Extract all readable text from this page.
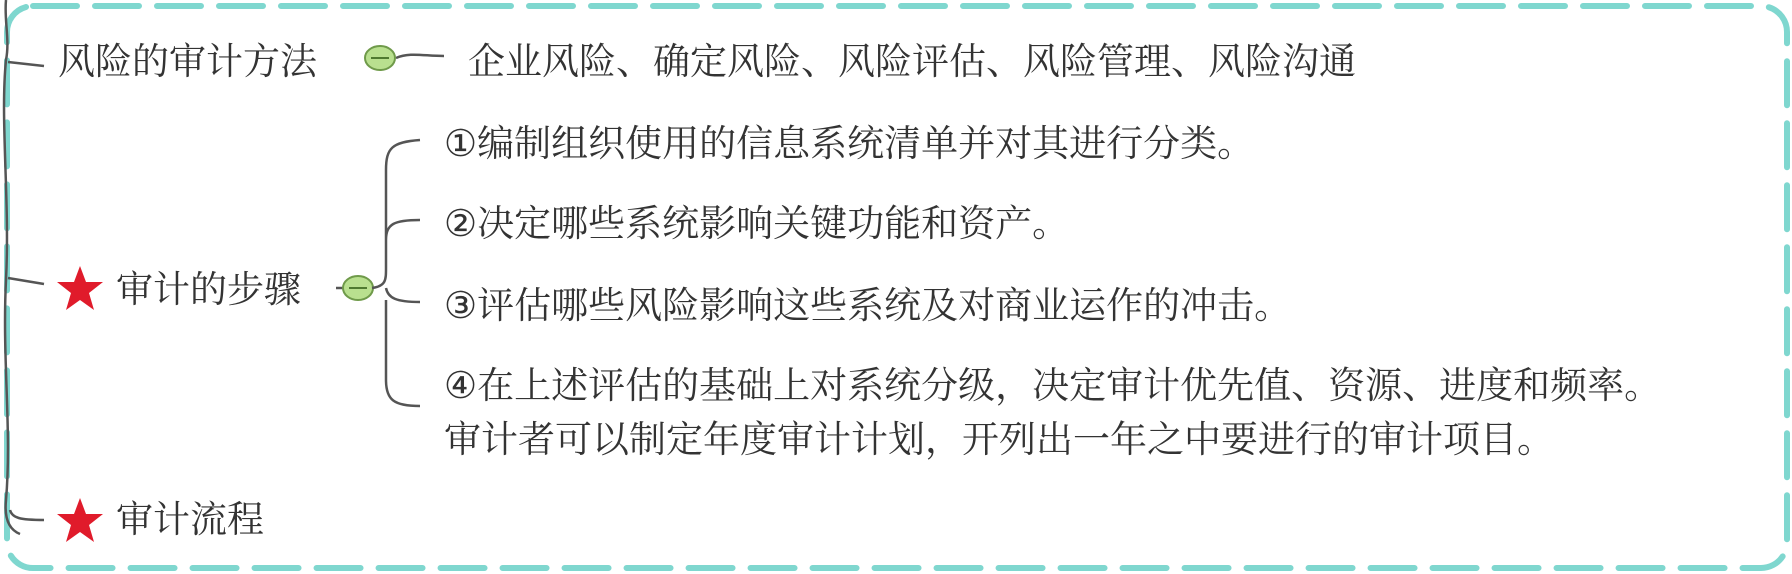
风险的审计方法	企业风险、确定风险、风险评估、风险管理、风险沟通
审计的步骤
①编制组织使用的信息系统清单并对其进行分类。
②决定哪些系统影响关键功能和资产。
③评估哪些风险影响这些系统及对商业运作的冲击。
④在上述评估的基础上对系统分级，决定审计优先值、资源、进度和频率。
审计者可以制定年度审计计划，开列出一年之中要进行的审计项目。
审计流程
